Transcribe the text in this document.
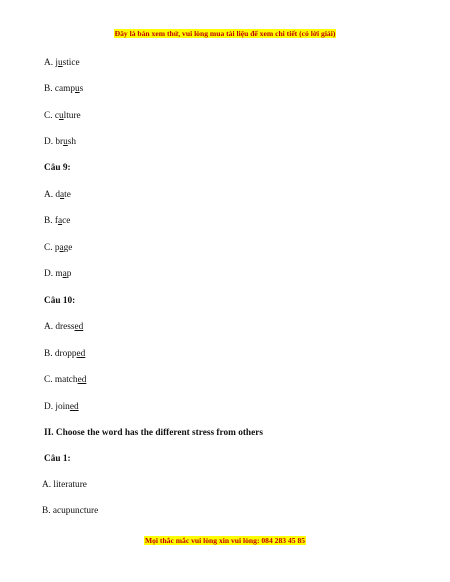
Đây là bản xem thử, vui lòng mua tài liệu để xem chi tiết (có lời giải)
A. justice
B. campus
C. culture
D. brush
Câu 9:
A. date
B. face
C. page
D. map
Câu 10:
A. dressed
B. dropped
C. matched
D. joined
II. Choose the word has the different stress from others
Câu 1:
A. literature
B. acupuncture
Mọi thắc mắc vui lòng xin vui lòng: 084 283 45 85
